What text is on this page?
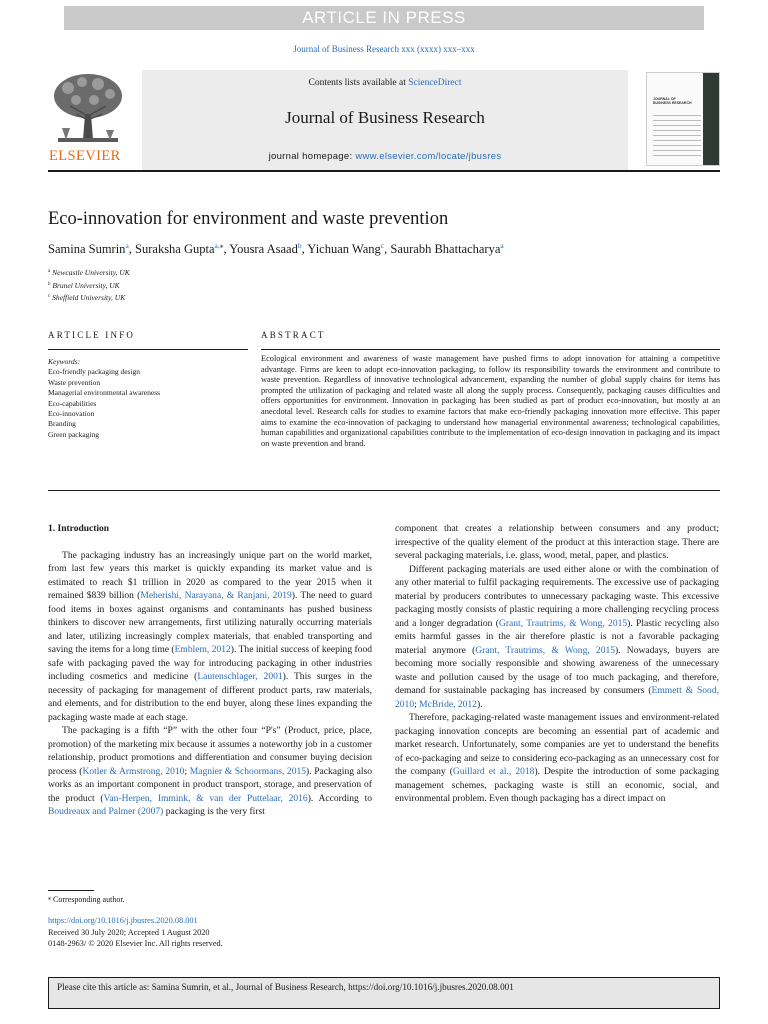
ARTICLE IN PRESS
Journal of Business Research xxx (xxxx) xxx–xxx
ELSEVIER
Contents lists available at ScienceDirect
Journal of Business Research
journal homepage: www.elsevier.com/locate/jbusres
JOURNAL OF BUSINESS RESEARCH
Eco-innovation for environment and waste prevention
Samina Sumrin$^a$, Suraksha Gupta$^{a,⁎}$, Yousra Asaad$^b$, Yichuan Wang$^c$, Saurabh Bhattacharya$^a$
$^a$ Newcastle University, UK
$^b$ Brunel University, UK
$^c$ Sheffield University, UK
ARTICLE INFO
Keywords:
Eco-friendly packaging design
Waste prevention
Managerial environmental awareness
Eco-capabilities
Eco-innovation
Branding
Green packaging
ABSTRACT
Ecological environment and awareness of waste management have pushed firms to adopt innovation for attaining a competitive advantage. Firms are keen to adopt eco-innovation packaging, to follow its responsibility towards the environment and contribute to waste prevention. Regardless of innovative technological advancement, expanding the number of global supply chains for items has prompted the utilization of packaging and related waste all along the supply process. Consequently, packaging causes difficulties and offers opportunities for environment. Innovation in packaging has been studied as part of product eco-innovation, but mostly at an anecdotal level. Research calls for studies to examine factors that make eco-friendly packaging innovation more effective. This paper aims to examine the eco-innovation of packaging to understand how managerial environmental awareness; technological capabilities, human capabilities and organizational capabilities contribute to the implementation of eco-design innovation in packaging and its impact on waste prevention and brand.
1. Introduction

The packaging industry has an increasingly unique part on the world market, from last few years this market is quickly expanding its market value and is estimated to reach $1 trillion in 2020 as compared to the year 2015 when it remained $839 billion (Meherishi, Narayana, & Ranjani, 2019). The need to guard food items in boxes against organisms and contaminants has pushed business thinkers to discover new arrangements, first utilizing naturally occurring materials and later, utilizing increasingly complex materials, that enabled transporting and saving the items for a long time (Emblem, 2012). The initial success of keeping food safe with packaging paved the way for introducing packaging in other industries including cosmetics and medicine (Lautenschlager, 2001). This surges in the necessity of packaging for management of different product parts, raw materials, and elements, and for distribution to the end buyer, along these lines expanding the packaging waste made at each stage.

The packaging is a fifth “P” with the other four “P's” (Product, price, place, promotion) of the marketing mix because it assumes a noteworthy job in a customer relationship, product promotions and differentiation and consumer buying decision process (Kotler & Armstrong, 2010; Magnier & Schoormans, 2015). Packaging also works as an important component in product transport, storage, and preservation of the product (Van-Herpen, Immink, & van der Puttelaar, 2016). According to Boudreaux and Palmer (2007) packaging is the very first

component that creates a relationship between consumers and any product; irrespective of the quality element of the product at this interaction stage. There are several packaging materials, i.e. glass, wood, metal, paper, and plastics.

Different packaging materials are used either alone or with the combination of any other material to fulfil packaging requirements. The excessive use of packaging material by producers contributes to unnecessary packaging waste. This excessive packaging mostly consists of plastic requiring a more challenging recycling process and a longer degradation (Grant, Trautrims, & Wong, 2015). Plastic recycling also emits harmful gasses in the air therefore plastic is not a favorable packaging material anymore (Grant, Trautrims, & Wong, 2015). Nowadays, buyers are becoming more socially responsible and showing awareness of the unnecessary waste and pollution caused by the usage of too much packaging, and therefore, demand for sustainable packaging has increased by consumers (Emmett & Sood, 2010; McBride, 2012).

Therefore, packaging-related waste management issues and environment-related packaging innovation concepts are becoming an essential part of academic and market research. Unfortunately, some companies are yet to understand the benefits of eco-packaging and seize to considering eco-packaging as an unnecessary cost for the company (Guillard et al., 2018). Despite the introduction of some packaging management schemes, packaging waste is still an economic, social, and environmental problem. Even though packaging has a direct impact on

⁎ Corresponding author.
https://doi.org/10.1016/j.jbusres.2020.08.001
Received 30 July 2020; Accepted 1 August 2020
0148-2963/ © 2020 Elsevier Inc. All rights reserved.
Please cite this article as: Samina Sumrin, et al., Journal of Business Research, https://doi.org/10.1016/j.jbusres.2020.08.001
